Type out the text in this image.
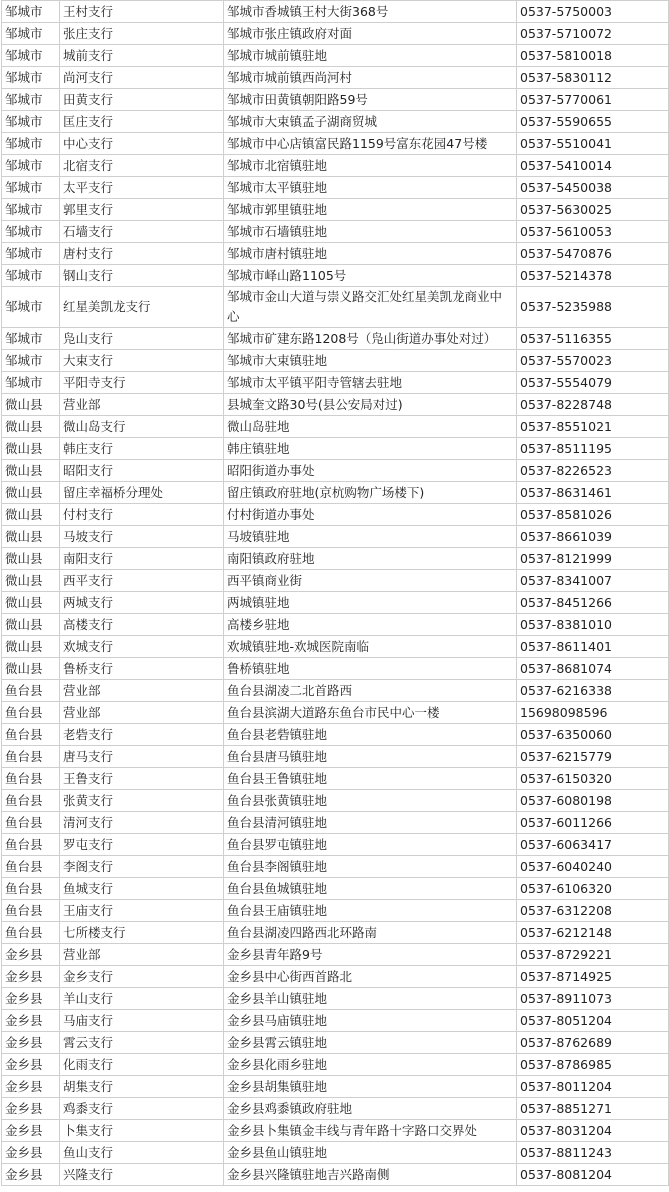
邹城市	王村支行	邹城市香城镇王村大街368号	0537-5750003
邹城市	张庄支行	邹城市张庄镇政府对面	0537-5710072
邹城市	城前支行	邹城市城前镇驻地	0537-5810018
邹城市	尚河支行	邹城市城前镇西尚河村	0537-5830112
邹城市	田黄支行	邹城市田黄镇朝阳路59号	0537-5770061
邹城市	匡庄支行	邹城市大束镇孟子湖商贸城	0537-5590655
邹城市	中心支行	邹城市中心店镇富民路1159号富东花园47号楼	0537-5510041
邹城市	北宿支行	邹城市北宿镇驻地	0537-5410014
邹城市	太平支行	邹城市太平镇驻地	0537-5450038
邹城市	郭里支行	邹城市郭里镇驻地	0537-5630025
邹城市	石墙支行	邹城市石墙镇驻地	0537-5610053
邹城市	唐村支行	邹城市唐村镇驻地	0537-5470876
邹城市	钢山支行	邹城市峄山路1105号	0537-5214378
邹城市	红星美凯龙支行	邹城市金山大道与崇义路交汇处红星美凯龙商业中心	0537-5235988
邹城市	凫山支行	邹城市矿建东路1208号（凫山街道办事处对过）	0537-5116355
邹城市	大束支行	邹城市大束镇驻地	0537-5570023
邹城市	平阳寺支行	邹城市太平镇平阳寺管辖去驻地	0537-5554079
微山县	营业部	县城奎文路30号(县公安局对过)	0537-8228748
微山县	微山岛支行	微山岛驻地	0537-8551021
微山县	韩庄支行	韩庄镇驻地	0537-8511195
微山县	昭阳支行	昭阳街道办事处	0537-8226523
微山县	留庄幸福桥分理处	留庄镇政府驻地(京杭购物广场楼下)	0537-8631461
微山县	付村支行	付村街道办事处	0537-8581026
微山县	马坡支行	马坡镇驻地	0537-8661039
微山县	南阳支行	南阳镇政府驻地	0537-8121999
微山县	西平支行	西平镇商业街	0537-8341007
微山县	两城支行	两城镇驻地	0537-8451266
微山县	高楼支行	高楼乡驻地	0537-8381010
微山县	欢城支行	欢城镇驻地-欢城医院南临	0537-8611401
微山县	鲁桥支行	鲁桥镇驻地	0537-8681074
鱼台县	营业部	鱼台县湖凌二北首路西	0537-6216338
鱼台县	营业部	鱼台县滨湖大道路东鱼台市民中心一楼	15698098596
鱼台县	老砦支行	鱼台县老砦镇驻地	0537-6350060
鱼台县	唐马支行	鱼台县唐马镇驻地	0537-6215779
鱼台县	王鲁支行	鱼台县王鲁镇驻地	0537-6150320
鱼台县	张黄支行	鱼台县张黄镇驻地	0537-6080198
鱼台县	清河支行	鱼台县清河镇驻地	0537-6011266
鱼台县	罗屯支行	鱼台县罗屯镇驻地	0537-6063417
鱼台县	李阁支行	鱼台县李阁镇驻地	0537-6040240
鱼台县	鱼城支行	鱼台县鱼城镇驻地	0537-6106320
鱼台县	王庙支行	鱼台县王庙镇驻地	0537-6312208
鱼台县	七所楼支行	鱼台县湖凌四路西北环路南	0537-6212148
金乡县	营业部	金乡县青年路9号	0537-8729221
金乡县	金乡支行	金乡县中心街西首路北	0537-8714925
金乡县	羊山支行	金乡县羊山镇驻地	0537-8911073
金乡县	马庙支行	金乡县马庙镇驻地	0537-8051204
金乡县	霄云支行	金乡县霄云镇驻地	0537-8762689
金乡县	化雨支行	金乡县化雨乡驻地	0537-8786985
金乡县	胡集支行	金乡县胡集镇驻地	0537-8011204
金乡县	鸡黍支行	金乡县鸡黍镇政府驻地	0537-8851271
金乡县	卜集支行	金乡县卜集镇金丰线与青年路十字路口交界处	0537-8031204
金乡县	鱼山支行	金乡县鱼山镇驻地	0537-8811243
金乡县	兴隆支行	金乡县兴隆镇驻地吉兴路南侧	0537-8081204
